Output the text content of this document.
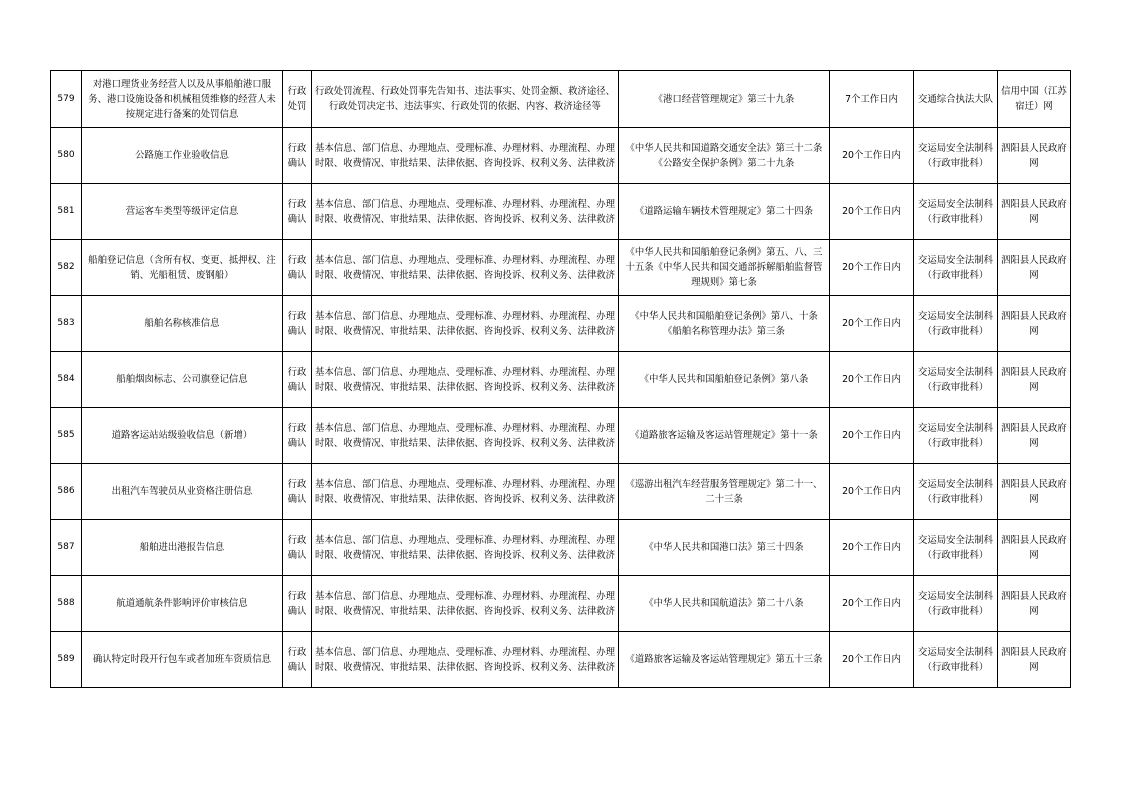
579	对港口理货业务经营人以及从事船舶港口服务、港口设施设备和机械租赁维修的经营人未按规定进行备案的处罚信息	行政处罚	行政处罚流程、行政处罚事先告知书、违法事实、处罚金额、救济途径、行政处罚决定书、违法事实、行政处罚的依据、内容、救济途径等	《港口经营管理规定》第三十九条	7个工作日内	交通综合执法大队	信用中国（江苏宿迁）网
580	公路施工作业验收信息	行政确认	基本信息、部门信息、办理地点、受理标准、办理材料、办理流程、办理时限、收费情况、审批结果、法律依据、咨询投诉、权利义务、法律救济	《中华人民共和国道路交通安全法》第三十二条《公路安全保护条例》第二十九条	20个工作日内	交运局安全法制科（行政审批科）	泗阳县人民政府网
581	营运客车类型等级评定信息	行政确认	基本信息、部门信息、办理地点、受理标准、办理材料、办理流程、办理时限、收费情况、审批结果、法律依据、咨询投诉、权利义务、法律救济	《道路运输车辆技术管理规定》第二十四条	20个工作日内	交运局安全法制科（行政审批科）	泗阳县人民政府网
582	船舶登记信息（含所有权、变更、抵押权、注销、光船租赁、废钢船）	行政确认	基本信息、部门信息、办理地点、受理标准、办理材料、办理流程、办理时限、收费情况、审批结果、法律依据、咨询投诉、权利义务、法律救济	《中华人民共和国船舶登记条例》第五、八、三十五条《中华人民共和国交通部拆解船舶监督管理规则》第七条	20个工作日内	交运局安全法制科（行政审批科）	泗阳县人民政府网
583	船舶名称核准信息	行政确认	基本信息、部门信息、办理地点、受理标准、办理材料、办理流程、办理时限、收费情况、审批结果、法律依据、咨询投诉、权利义务、法律救济	《中华人民共和国船舶登记条例》第八、十条《船舶名称管理办法》第三条	20个工作日内	交运局安全法制科（行政审批科）	泗阳县人民政府网
584	船舶烟囱标志、公司旗登记信息	行政确认	基本信息、部门信息、办理地点、受理标准、办理材料、办理流程、办理时限、收费情况、审批结果、法律依据、咨询投诉、权利义务、法律救济	《中华人民共和国船舶登记条例》第八条	20个工作日内	交运局安全法制科（行政审批科）	泗阳县人民政府网
585	道路客运站站级验收信息（新增）	行政确认	基本信息、部门信息、办理地点、受理标准、办理材料、办理流程、办理时限、收费情况、审批结果、法律依据、咨询投诉、权利义务、法律救济	《道路旅客运输及客运站管理规定》第十一条	20个工作日内	交运局安全法制科（行政审批科）	泗阳县人民政府网
586	出租汽车驾驶员从业资格注册信息	行政确认	基本信息、部门信息、办理地点、受理标准、办理材料、办理流程、办理时限、收费情况、审批结果、法律依据、咨询投诉、权利义务、法律救济	《巡游出租汽车经营服务管理规定》第二十一、二十三条	20个工作日内	交运局安全法制科（行政审批科）	泗阳县人民政府网
587	船舶进出港报告信息	行政确认	基本信息、部门信息、办理地点、受理标准、办理材料、办理流程、办理时限、收费情况、审批结果、法律依据、咨询投诉、权利义务、法律救济	《中华人民共和国港口法》第三十四条	20个工作日内	交运局安全法制科（行政审批科）	泗阳县人民政府网
588	航道通航条件影响评价审核信息	行政确认	基本信息、部门信息、办理地点、受理标准、办理材料、办理流程、办理时限、收费情况、审批结果、法律依据、咨询投诉、权利义务、法律救济	《中华人民共和国航道法》第二十八条	20个工作日内	交运局安全法制科（行政审批科）	泗阳县人民政府网
589	确认特定时段开行包车或者加班车资质信息	行政确认	基本信息、部门信息、办理地点、受理标准、办理材料、办理流程、办理时限、收费情况、审批结果、法律依据、咨询投诉、权利义务、法律救济	《道路旅客运输及客运站管理规定》第五十三条	20个工作日内	交运局安全法制科（行政审批科）	泗阳县人民政府网
